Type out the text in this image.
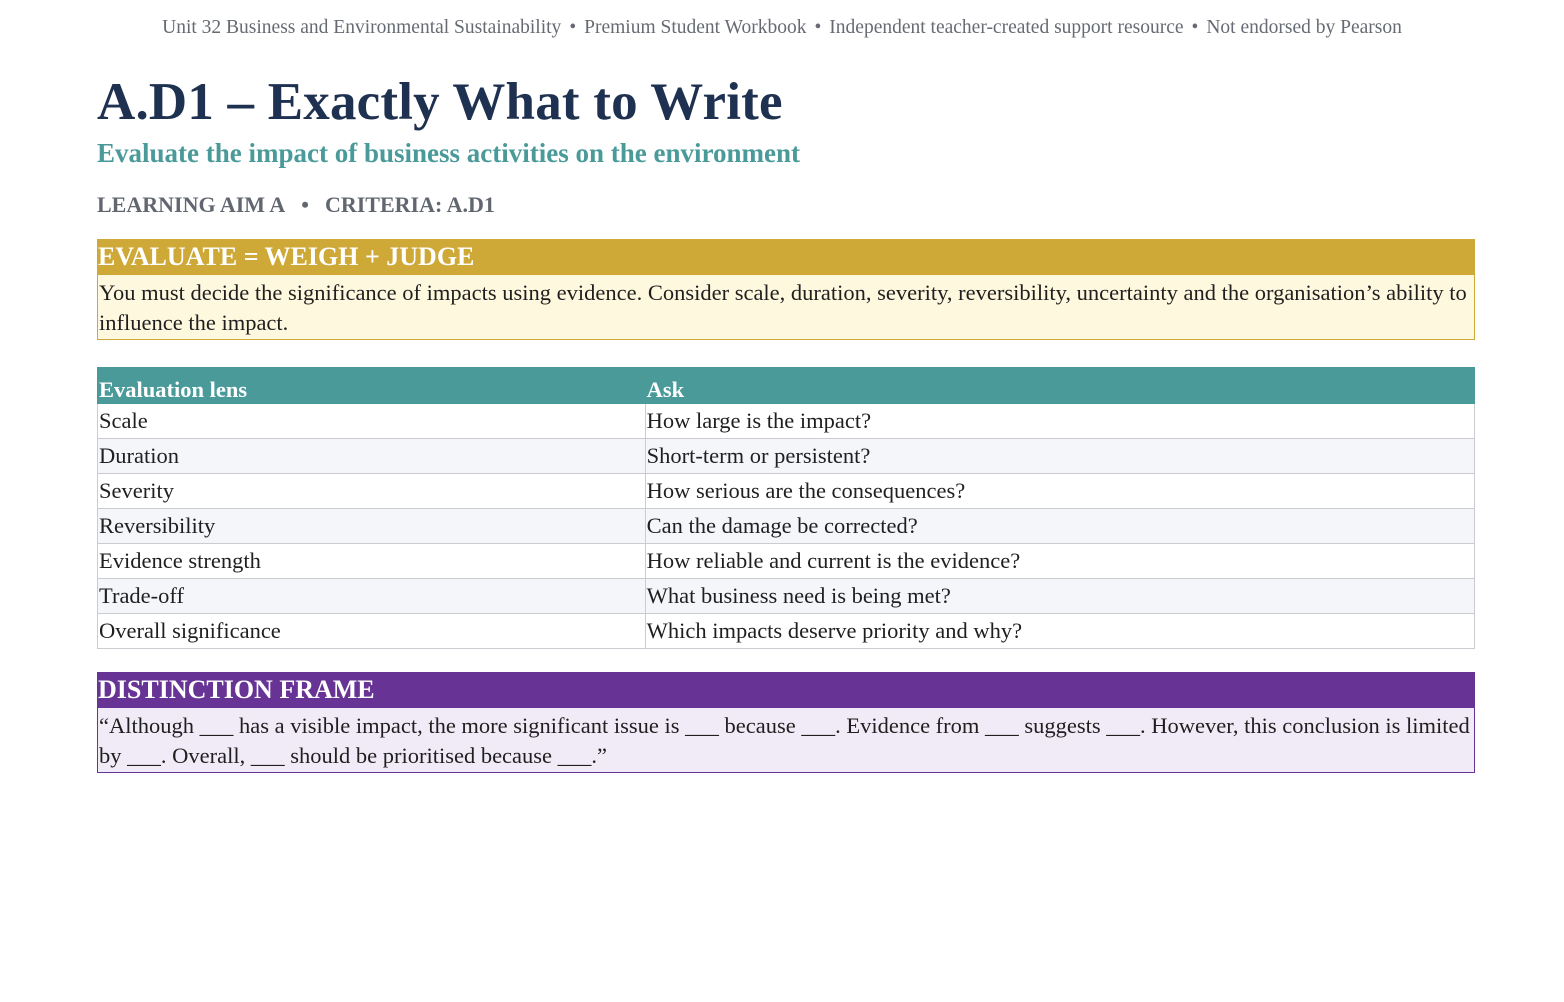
Unit 32 Business and Environmental Sustainability • Premium Student Workbook • Independent teacher-created support resource • Not endorsed by Pearson
A.D1 – Exactly What to Write
Evaluate the impact of business activities on the environment
LEARNING AIM A • CRITERIA: A.D1
EVALUATE = WEIGH + JUDGE
You must decide the significance of impacts using evidence. Consider scale, duration, severity, reversibility, uncertainty and the organisation’s ability to influence the impact.
Evaluation lens	Ask
Scale	How large is the impact?
Duration	Short-term or persistent?
Severity	How serious are the consequences?
Reversibility	Can the damage be corrected?
Evidence strength	How reliable and current is the evidence?
Trade-off	What business need is being met?
Overall significance	Which impacts deserve priority and why?
DISTINCTION FRAME
“Although ___ has a visible impact, the more significant issue is ___ because ___. Evidence from ___ suggests ___. However, this conclusion is limited by ___. Overall, ___ should be prioritised because ___.”
